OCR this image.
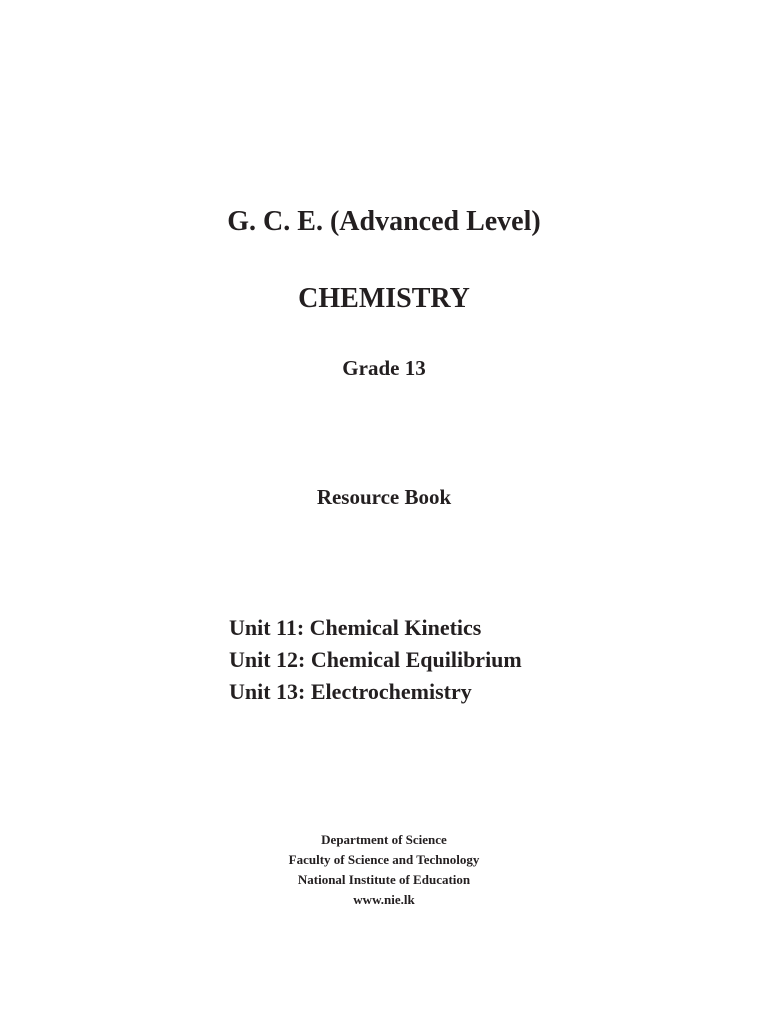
G. C. E. (Advanced Level)
CHEMISTRY
Grade 13
Resource Book
Unit 11: Chemical Kinetics
Unit 12: Chemical Equilibrium
Unit 13: Electrochemistry
Department of Science
Faculty of Science and Technology
National Institute of Education
www.nie.lk
